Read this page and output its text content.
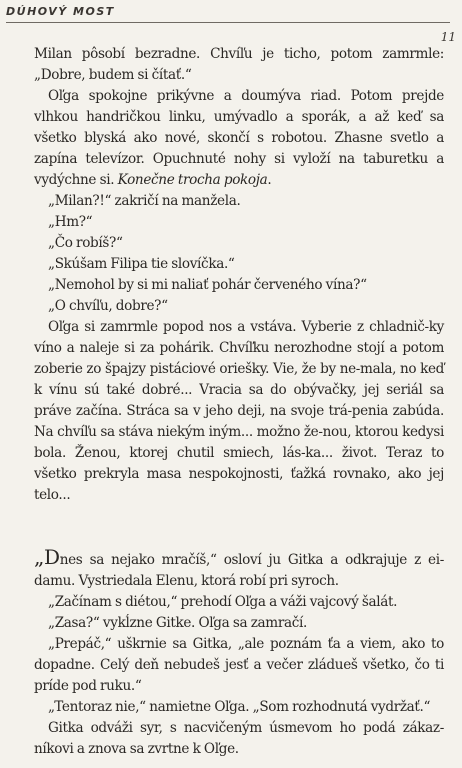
DÚHOVÝ MOST
11

Milan pôsobí bezradne. Chvíľu je ticho, potom zamrmle: „Dobre, budem si čítať.“

Oľga spokojne prikývne a doumýva riad. Potom prejde vlhkou handričkou linku, umývadlo a sporák, a až keď sa všetko blyská ako nové, skončí s robotou. Zhasne svetlo a zapína televízor. Opuchnuté nohy si vyloží na taburetku a vydýchne si. Konečne trocha pokoja.

„Milan?!“ zakričí na manžela.

„Hm?“

„Čo robíš?“

„Skúšam Filipa tie slovíčka.“

„Nemohol by si mi naliať pohár červeného vína?“

„O chvíľu, dobre?“

Oľga si zamrmle popod nos a vstáva. Vyberie z chladnič-ky víno a naleje si za pohárik. Chvíľku nerozhodne stojí a potom zoberie zo špajzy pistáciové oriešky. Vie, že by ne-mala, no keď k vínu sú také dobré... Vracia sa do obývačky, jej seriál sa práve začína. Stráca sa v jeho deji, na svoje trá-penia zabúda. Na chvíľu sa stáva niekým iným... možno že-nou, ktorou kedysi bola. Ženou, ktorej chutil smiech, lás-ka... život. Teraz to všetko prekryla masa nespokojnosti, ťažká rovnako, ako jej telo...

„Dnes sa nejako mračíš,“ osloví ju Gitka a odkrajuje z ei-damu. Vystriedala Elenu, ktorá robí pri syroch.

„Začínam s diétou,“ prehodí Oľga a váži vajcový šalát.

„Zasa?“ vykĺzne Gitke. Oľga sa zamračí.

„Prepáč,“ uškrnie sa Gitka, „ale poznám ťa a viem, ako to dopadne. Celý deň nebudeš jesť a večer zládueš všetko, čo ti príde pod ruku.“

„Tentoraz nie,“ namietne Oľga. „Som rozhodnutá vydržať.“

Gitka odváži syr, s nacvičeným úsmevom ho podá zákaz-níkovi a znova sa zvrtne k Oľge.
